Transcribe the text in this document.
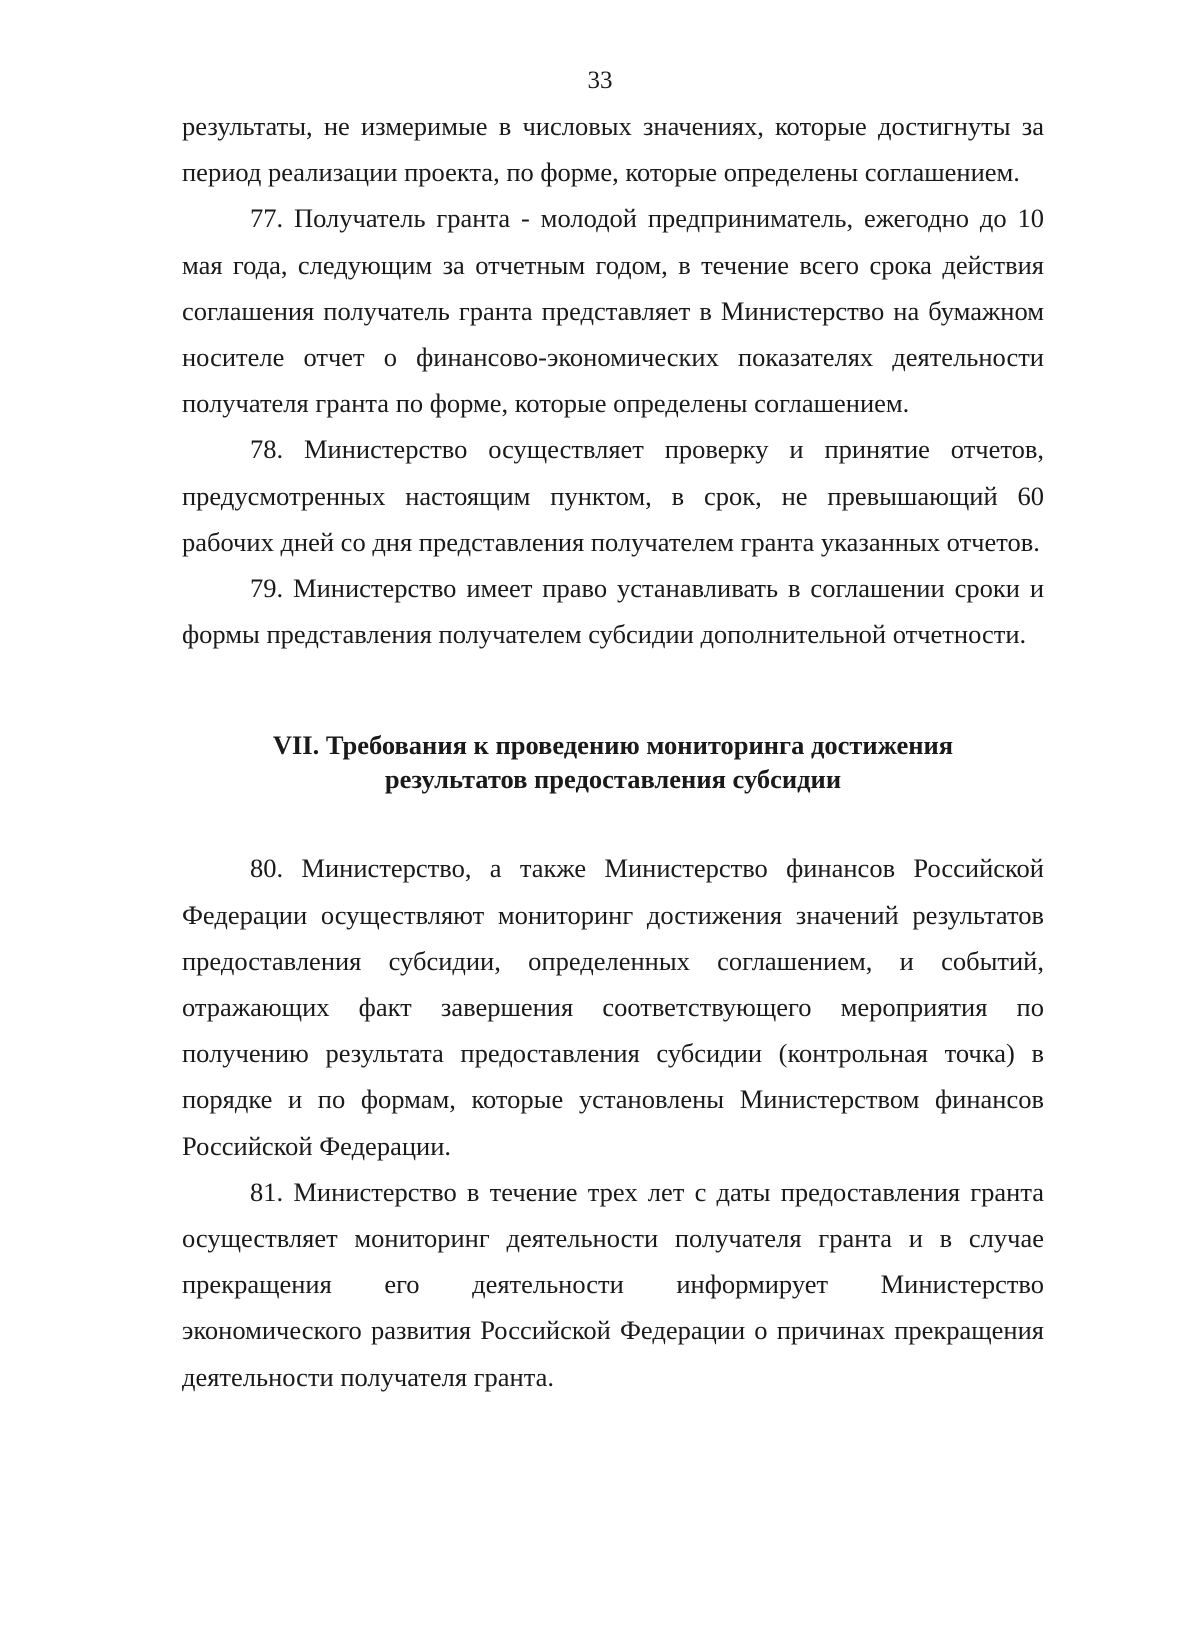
33

результаты, не измеримые в числовых значениях, которые достигнуты за период реализации проекта, по форме, которые определены соглашением.

77. Получатель гранта - молодой предприниматель, ежегодно до 10 мая года, следующим за отчетным годом, в течение всего срока действия соглашения получатель гранта представляет в Министерство на бумажном носителе отчет о финансово-экономических показателях деятельности получателя гранта по форме, которые определены соглашением.

78. Министерство осуществляет проверку и принятие отчетов, предусмотренных настоящим пунктом, в срок, не превышающий 60 рабочих дней со дня представления получателем гранта указанных отчетов.

79. Министерство имеет право устанавливать в соглашении сроки и формы представления получателем субсидии дополнительной отчетности.

VII. Требования к проведению мониторинга достижения
результатов предоставления субсидии

80. Министерство, а также Министерство финансов Российской Федерации осуществляют мониторинг достижения значений результатов предоставления субсидии, определенных соглашением, и событий, отражающих факт завершения соответствующего мероприятия по получению результата предоставления субсидии (контрольная точка) в порядке и по формам, которые установлены Министерством финансов Российской Федерации.

81. Министерство в течение трех лет с даты предоставления гранта осуществляет мониторинг деятельности получателя гранта и в случае прекращения его деятельности информирует Министерство экономического развития Российской Федерации о причинах прекращения деятельности получателя гранта.
